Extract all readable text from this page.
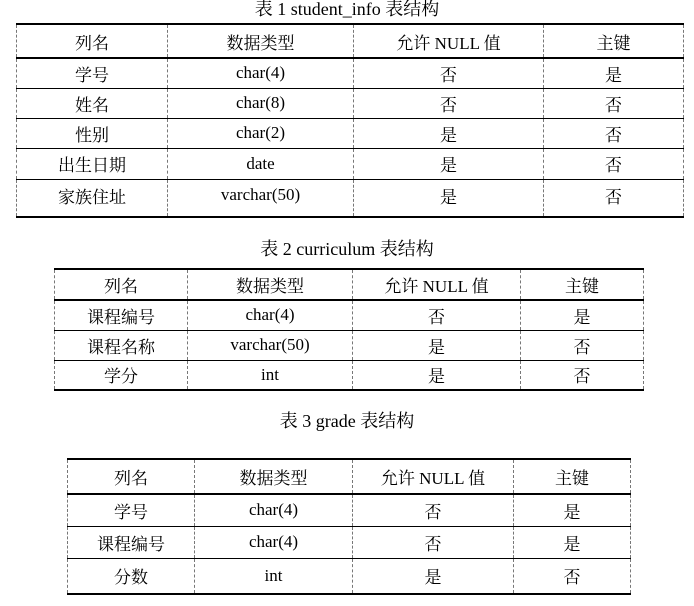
表 1 student_info 表结构
列名	数据类型	允许 NULL 值	主键
学号	char(4)	否	是
姓名	char(8)	否	否
性别	char(2)	是	否
出生日期	date	是	否
家族住址	varchar(50)	是	否
表 2 curriculum 表结构
列名	数据类型	允许 NULL 值	主键
课程编号	char(4)	否	是
课程名称	varchar(50)	是	否
学分	int	是	否
表 3 grade 表结构
列名	数据类型	允许 NULL 值	主键
学号	char(4)	否	是
课程编号	char(4)	否	是
分数	int	是	否
